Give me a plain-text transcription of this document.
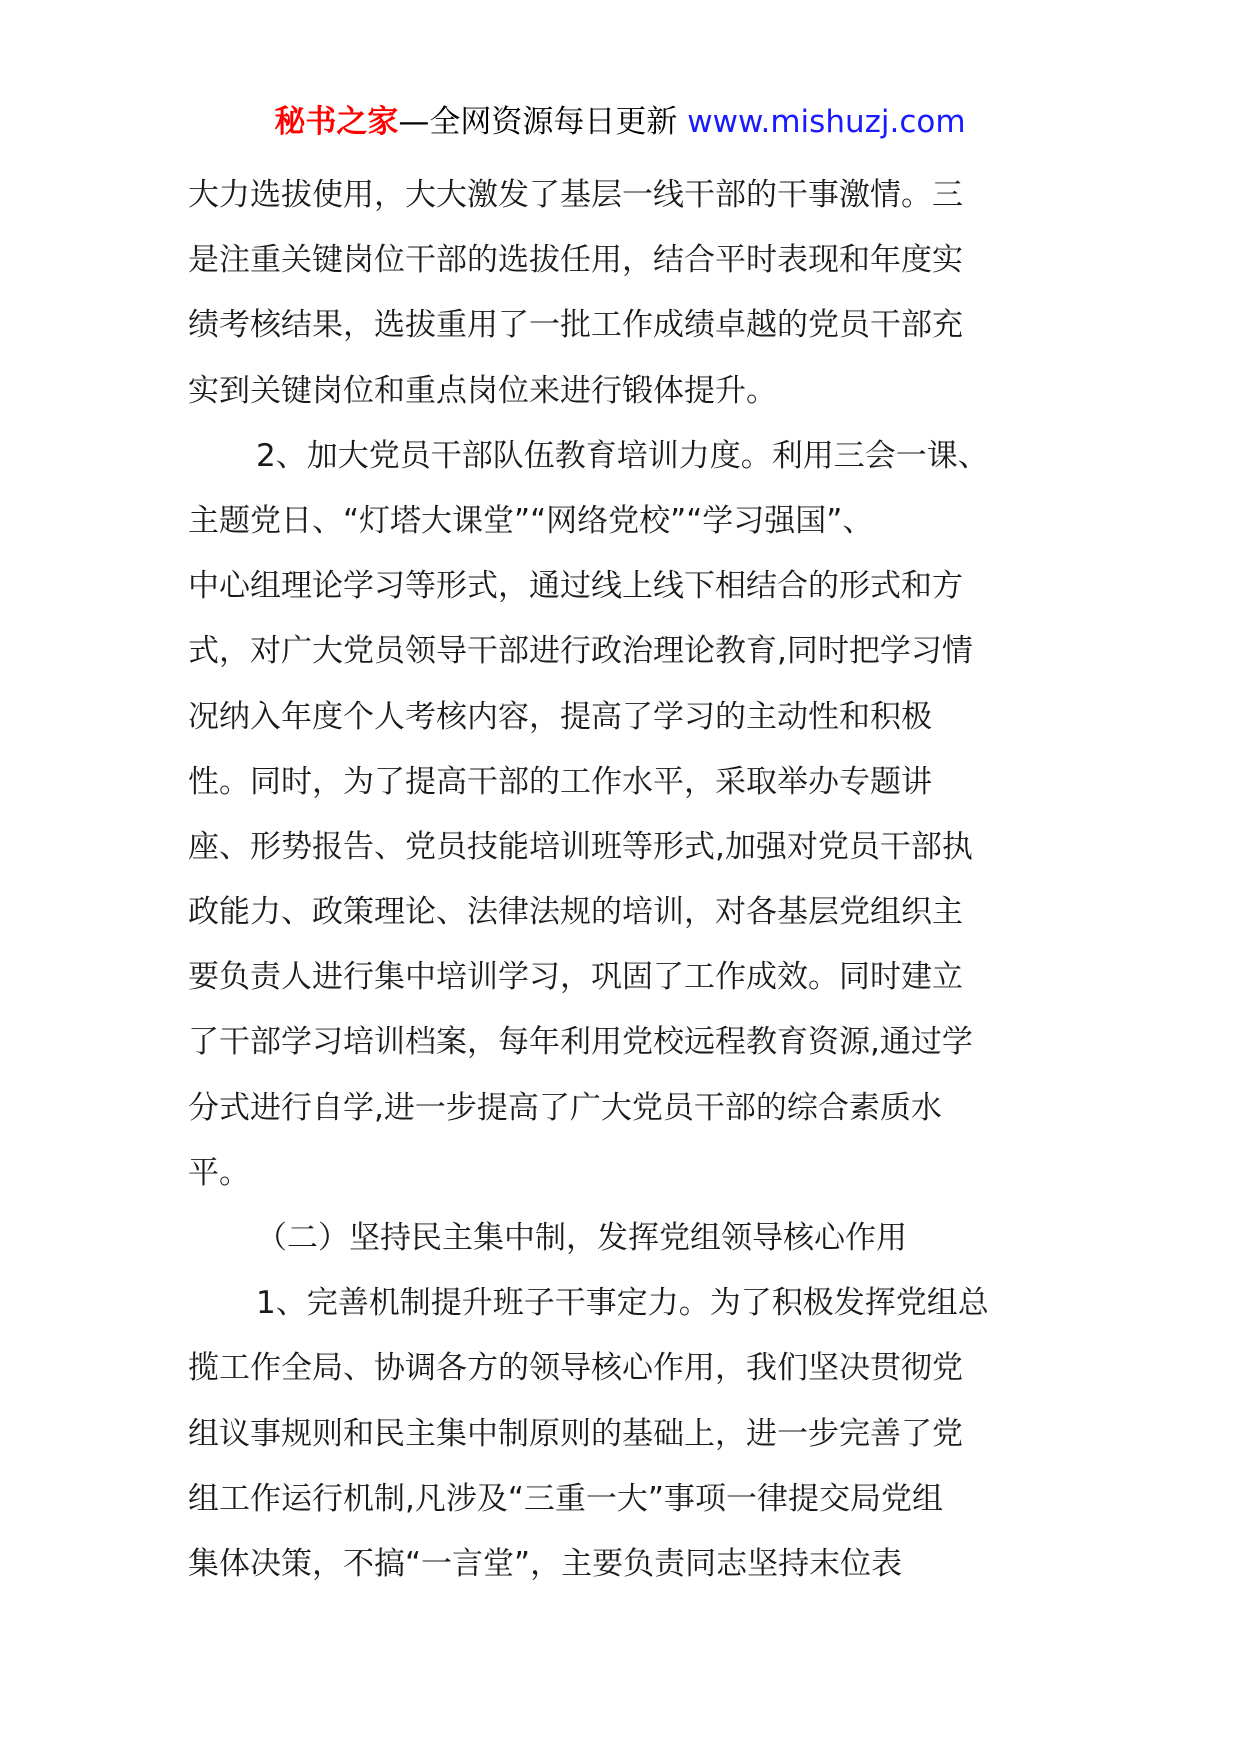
秘书之家—全网资源每日更新 www.mishuzj.com
大力选拔使用，大大激发了基层一线干部的干事激情。三
是注重关键岗位干部的选拔任用，结合平时表现和年度实
绩考核结果，选拔重用了一批工作成绩卓越的党员干部充
实到关键岗位和重点岗位来进行锻体提升。
2、加大党员干部队伍教育培训力度。利用三会一课、
主题党日、“灯塔大课堂”“网络党校”“学习强国”、
中心组理论学习等形式，通过线上线下相结合的形式和方
式，对广大党员领导干部进行政治理论教育,同时把学习情
况纳入年度个人考核内容，提高了学习的主动性和积极
性。同时，为了提高干部的工作水平，采取举办专题讲
座、形势报告、党员技能培训班等形式,加强对党员干部执
政能力、政策理论、法律法规的培训，对各基层党组织主
要负责人进行集中培训学习，巩固了工作成效。同时建立
了干部学习培训档案，每年利用党校远程教育资源,通过学
分式进行自学,进一步提高了广大党员干部的综合素质水
平。
（二）坚持民主集中制，发挥党组领导核心作用
1、完善机制提升班子干事定力。为了积极发挥党组总
揽工作全局、协调各方的领导核心作用，我们坚决贯彻党
组议事规则和民主集中制原则的基础上，进一步完善了党
组工作运行机制,凡涉及“三重一大”事项一律提交局党组
集体决策，不搞“一言堂”，主要负责同志坚持末位表
